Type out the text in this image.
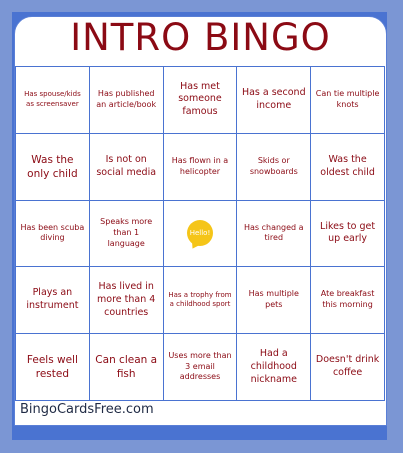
INTRO BINGO
Has spouse/kids as screensaver
Has published an article/book
Has met someone famous
Has a second income
Can tie multiple knots
Was the only child
Is not on social media
Has flown in a helicopter
Skids or snowboards
Was the oldest child
Has been scuba diving
Speaks more than 1 language
Hello!
Has changed a tired
Likes to get up early
Plays an instrument
Has lived in more than 4 countries
Has a trophy from a childhood sport
Has multiple pets
Ate breakfast this morning
Feels well rested
Can clean a fish
Uses more than 3 email addresses
Had a childhood nickname
Doesn't drink coffee
BingoCardsFree.com
